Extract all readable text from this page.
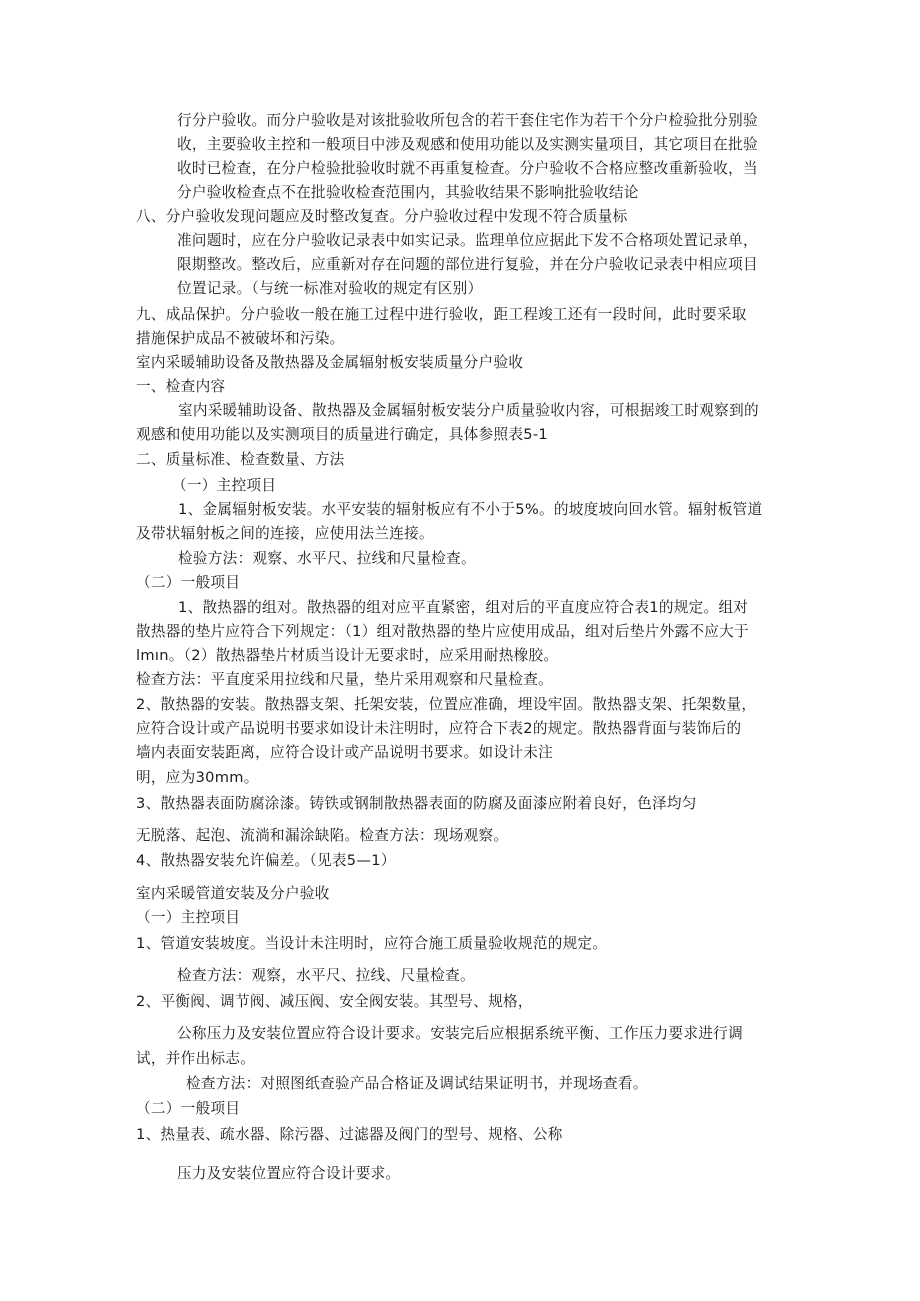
行分户验收。而分户验收是对该批验收所包含的若干套住宅作为若干个分户检验批分别验
收，主要验收主控和一般项目中涉及观感和使用功能以及实测实量项目，其它项目在批验
收时已检查，在分户检验批验收时就不再重复检查。分户验收不合格应整改重新验收，当
分户验收检查点不在批验收检查范围内，其验收结果不影响批验收结论
八、分户验收发现问题应及时整改复查。分户验收过程中发现不符合质量标
准问题时，应在分户验收记录表中如实记录。监理单位应据此下发不合格项处置记录单，
限期整改。整改后，应重新对存在问题的部位进行复验，并在分户验收记录表中相应项目
位置记录。（与统一标准对验收的规定有区别）
九、成品保护。分户验收一般在施工过程中进行验收，距工程竣工还有一段时间，此时要采取
措施保护成品不被破坏和污染。
室内采暖辅助设备及散热器及金属辐射板安装质量分户验收
一、检查内容
室内采暖辅助设备、散热器及金属辐射板安装分户质量验收内容，可根据竣工时观察到的
观感和使用功能以及实测项目的质量进行确定，具体参照表5-1
二、质量标准、检查数量、方法
（一）主控项目
1、金属辐射板安装。水平安装的辐射板应有不小于5%。的坡度坡向回水管。辐射板管道
及带状辐射板之间的连接，应使用法兰连接。
检验方法：观察、水平尺、拉线和尺量检查。
（二）一般项目
1、散热器的组对。散热器的组对应平直紧密，组对后的平直度应符合表1的规定。组对
散热器的垫片应符合下列规定：（1）组对散热器的垫片应使用成品，组对后垫片外露不应大于
lmın。（2）散热器垫片材质当设计无要求时，应采用耐热橡胶。
检查方法：平直度采用拉线和尺量，垫片采用观察和尺量检查。
2、散热器的安装。散热器支架、托架安装，位置应准确，埋设牢固。散热器支架、托架数量，
应符合设计或产品说明书要求如设计未注明时，应符合下表2的规定。散热器背面与装饰后的
墙内表面安装距离，应符合设计或产品说明书要求。如设计未注
明，应为30mm。
3、散热器表面防腐涂漆。铸铁或钢制散热器表面的防腐及面漆应附着良好，色泽均匀
无脱落、起泡、流淌和漏涂缺陷。检查方法：现场观察。
4、散热器安装允许偏差。（见表5—1）
室内采暖管道安装及分户验收
（一）主控项目
1、管道安装坡度。当设计未注明时，应符合施工质量验收规范的规定。
检查方法：观察，水平尺、拉线、尺量检查。
2、平衡阀、调节阀、减压阀、安全阀安装。其型号、规格，
公称压力及安装位置应符合设计要求。安装完后应根据系统平衡、工作压力要求进行调
试，并作出标志。
检查方法：对照图纸查验产品合格证及调试结果证明书，并现场查看。
（二）一般项目
1、热量表、疏水器、除污器、过滤器及阀门的型号、规格、公称
压力及安装位置应符合设计要求。
